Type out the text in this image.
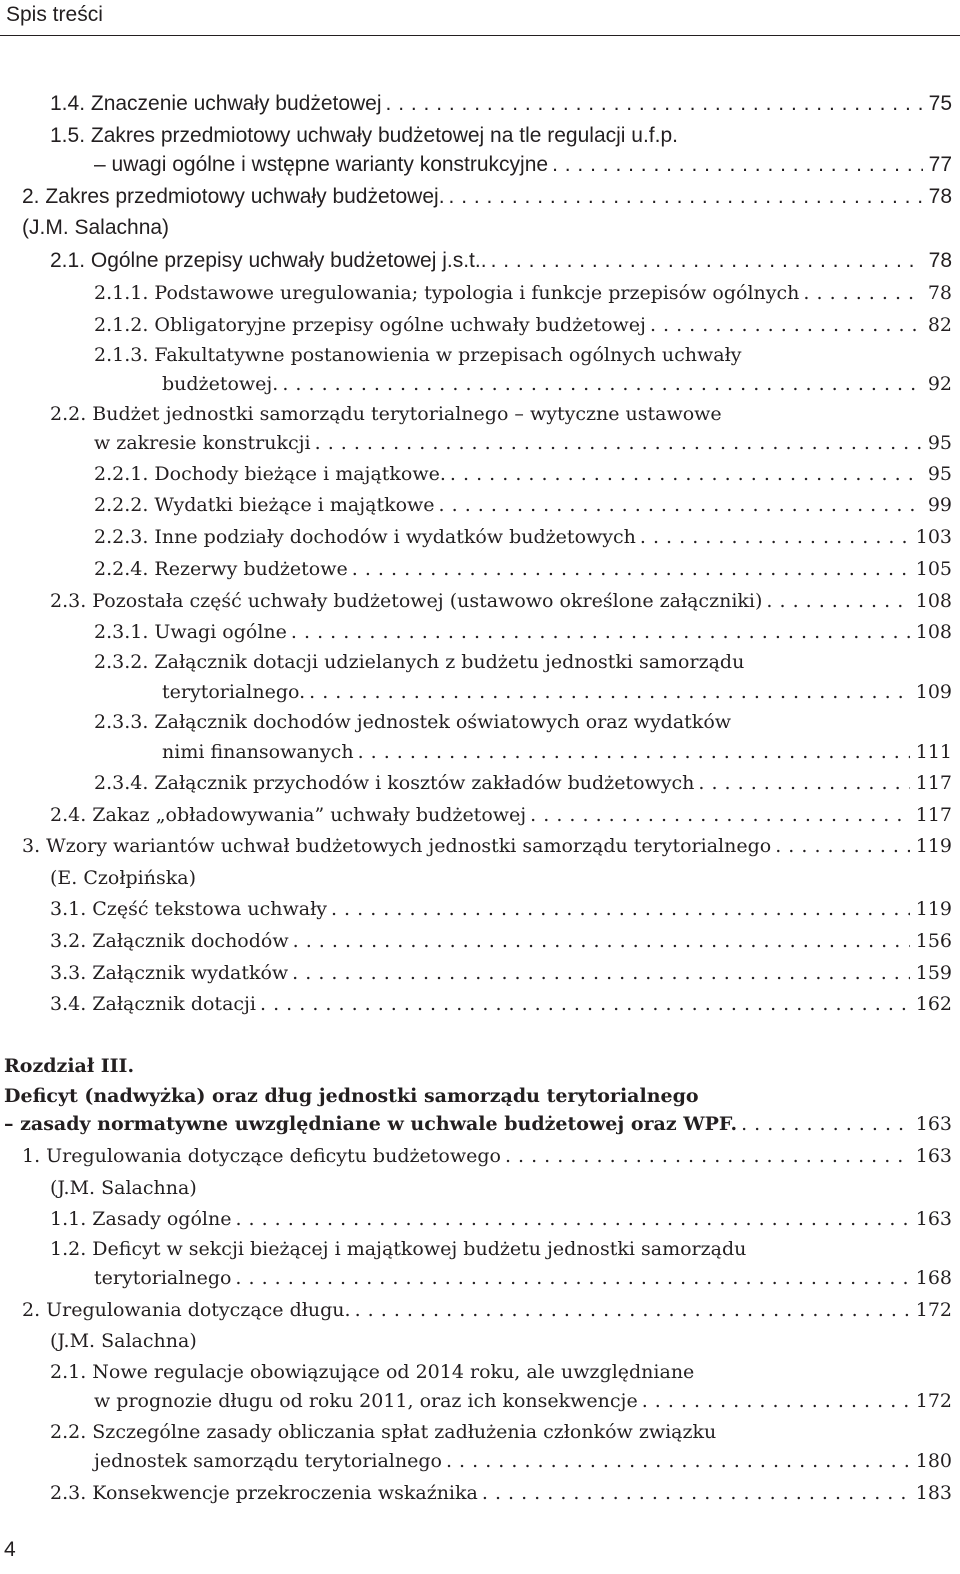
Spis treści
1.4. Znaczenie uchwały budżetowej . . .	75
1.5. Zakres przedmiotowy uchwały budżetowej na tle regulacji u.f.p.
– uwagi ogólne i wstępne warianty konstrukcyjne . . .	77
2. Zakres przedmiotowy uchwały budżetowej. . . .	78
(J.M. Salachna)
2.1. Ogólne przepisy uchwały budżetowej j.s.t.. . . .	78
2.1.1. Podstawowe uregulowania; typologia i funkcje przepisów ogólnych . . .	78
2.1.2. Obligatoryjne przepisy ogólne uchwały budżetowej . . .	82
2.1.3. Fakultatywne postanowienia w przepisach ogólnych uchwały
budżetowej. . . .	92
2.2. Budżet jednostki samorządu terytorialnego – wytyczne ustawowe
w zakresie konstrukcji . . .	95
2.2.1. Dochody bieżące i majątkowe. . . .	95
2.2.2. Wydatki bieżące i majątkowe . . .	99
2.2.3. Inne podziały dochodów i wydatków budżetowych . . .	103
2.2.4. Rezerwy budżetowe . . .	105
2.3. Pozostała część uchwały budżetowej (ustawowo określone załączniki) . . .	108
2.3.1. Uwagi ogólne . . .	108
2.3.2. Załącznik dotacji udzielanych z budżetu jednostki samorządu
terytorialnego. . . .	109
2.3.3. Załącznik dochodów jednostek oświatowych oraz wydatków
nimi finansowanych . . .	111
2.3.4. Załącznik przychodów i kosztów zakładów budżetowych . . .	117
2.4. Zakaz „obładowywania” uchwały budżetowej . . .	117
3. Wzory wariantów uchwał budżetowych jednostki samorządu terytorialnego . . .	119
(E. Czołpińska)
3.1. Część tekstowa uchwały . . .	119
3.2. Załącznik dochodów . . .	156
3.3. Załącznik wydatków . . .	159
3.4. Załącznik dotacji . . .	162
Rozdział III.
Deficyt (nadwyżka) oraz dług jednostki samorządu terytorialnego
– zasady normatywne uwzględniane w uchwale budżetowej oraz WPF. . . .	163
1. Uregulowania dotyczące deficytu budżetowego . . .	163
(J.M. Salachna)
1.1. Zasady ogólne . . .	163
1.2. Deficyt w sekcji bieżącej i majątkowej budżetu jednostki samorządu
terytorialnego . . .	168
2. Uregulowania dotyczące długu. . . .	172
(J.M. Salachna)
2.1. Nowe regulacje obowiązujące od 2014 roku, ale uwzględniane
w prognozie długu od roku 2011, oraz ich konsekwencje . . .	172
2.2. Szczególne zasady obliczania spłat zadłużenia członków związku
jednostek samorządu terytorialnego . . .	180
2.3. Konsekwencje przekroczenia wskaźnika . . .	183
4
